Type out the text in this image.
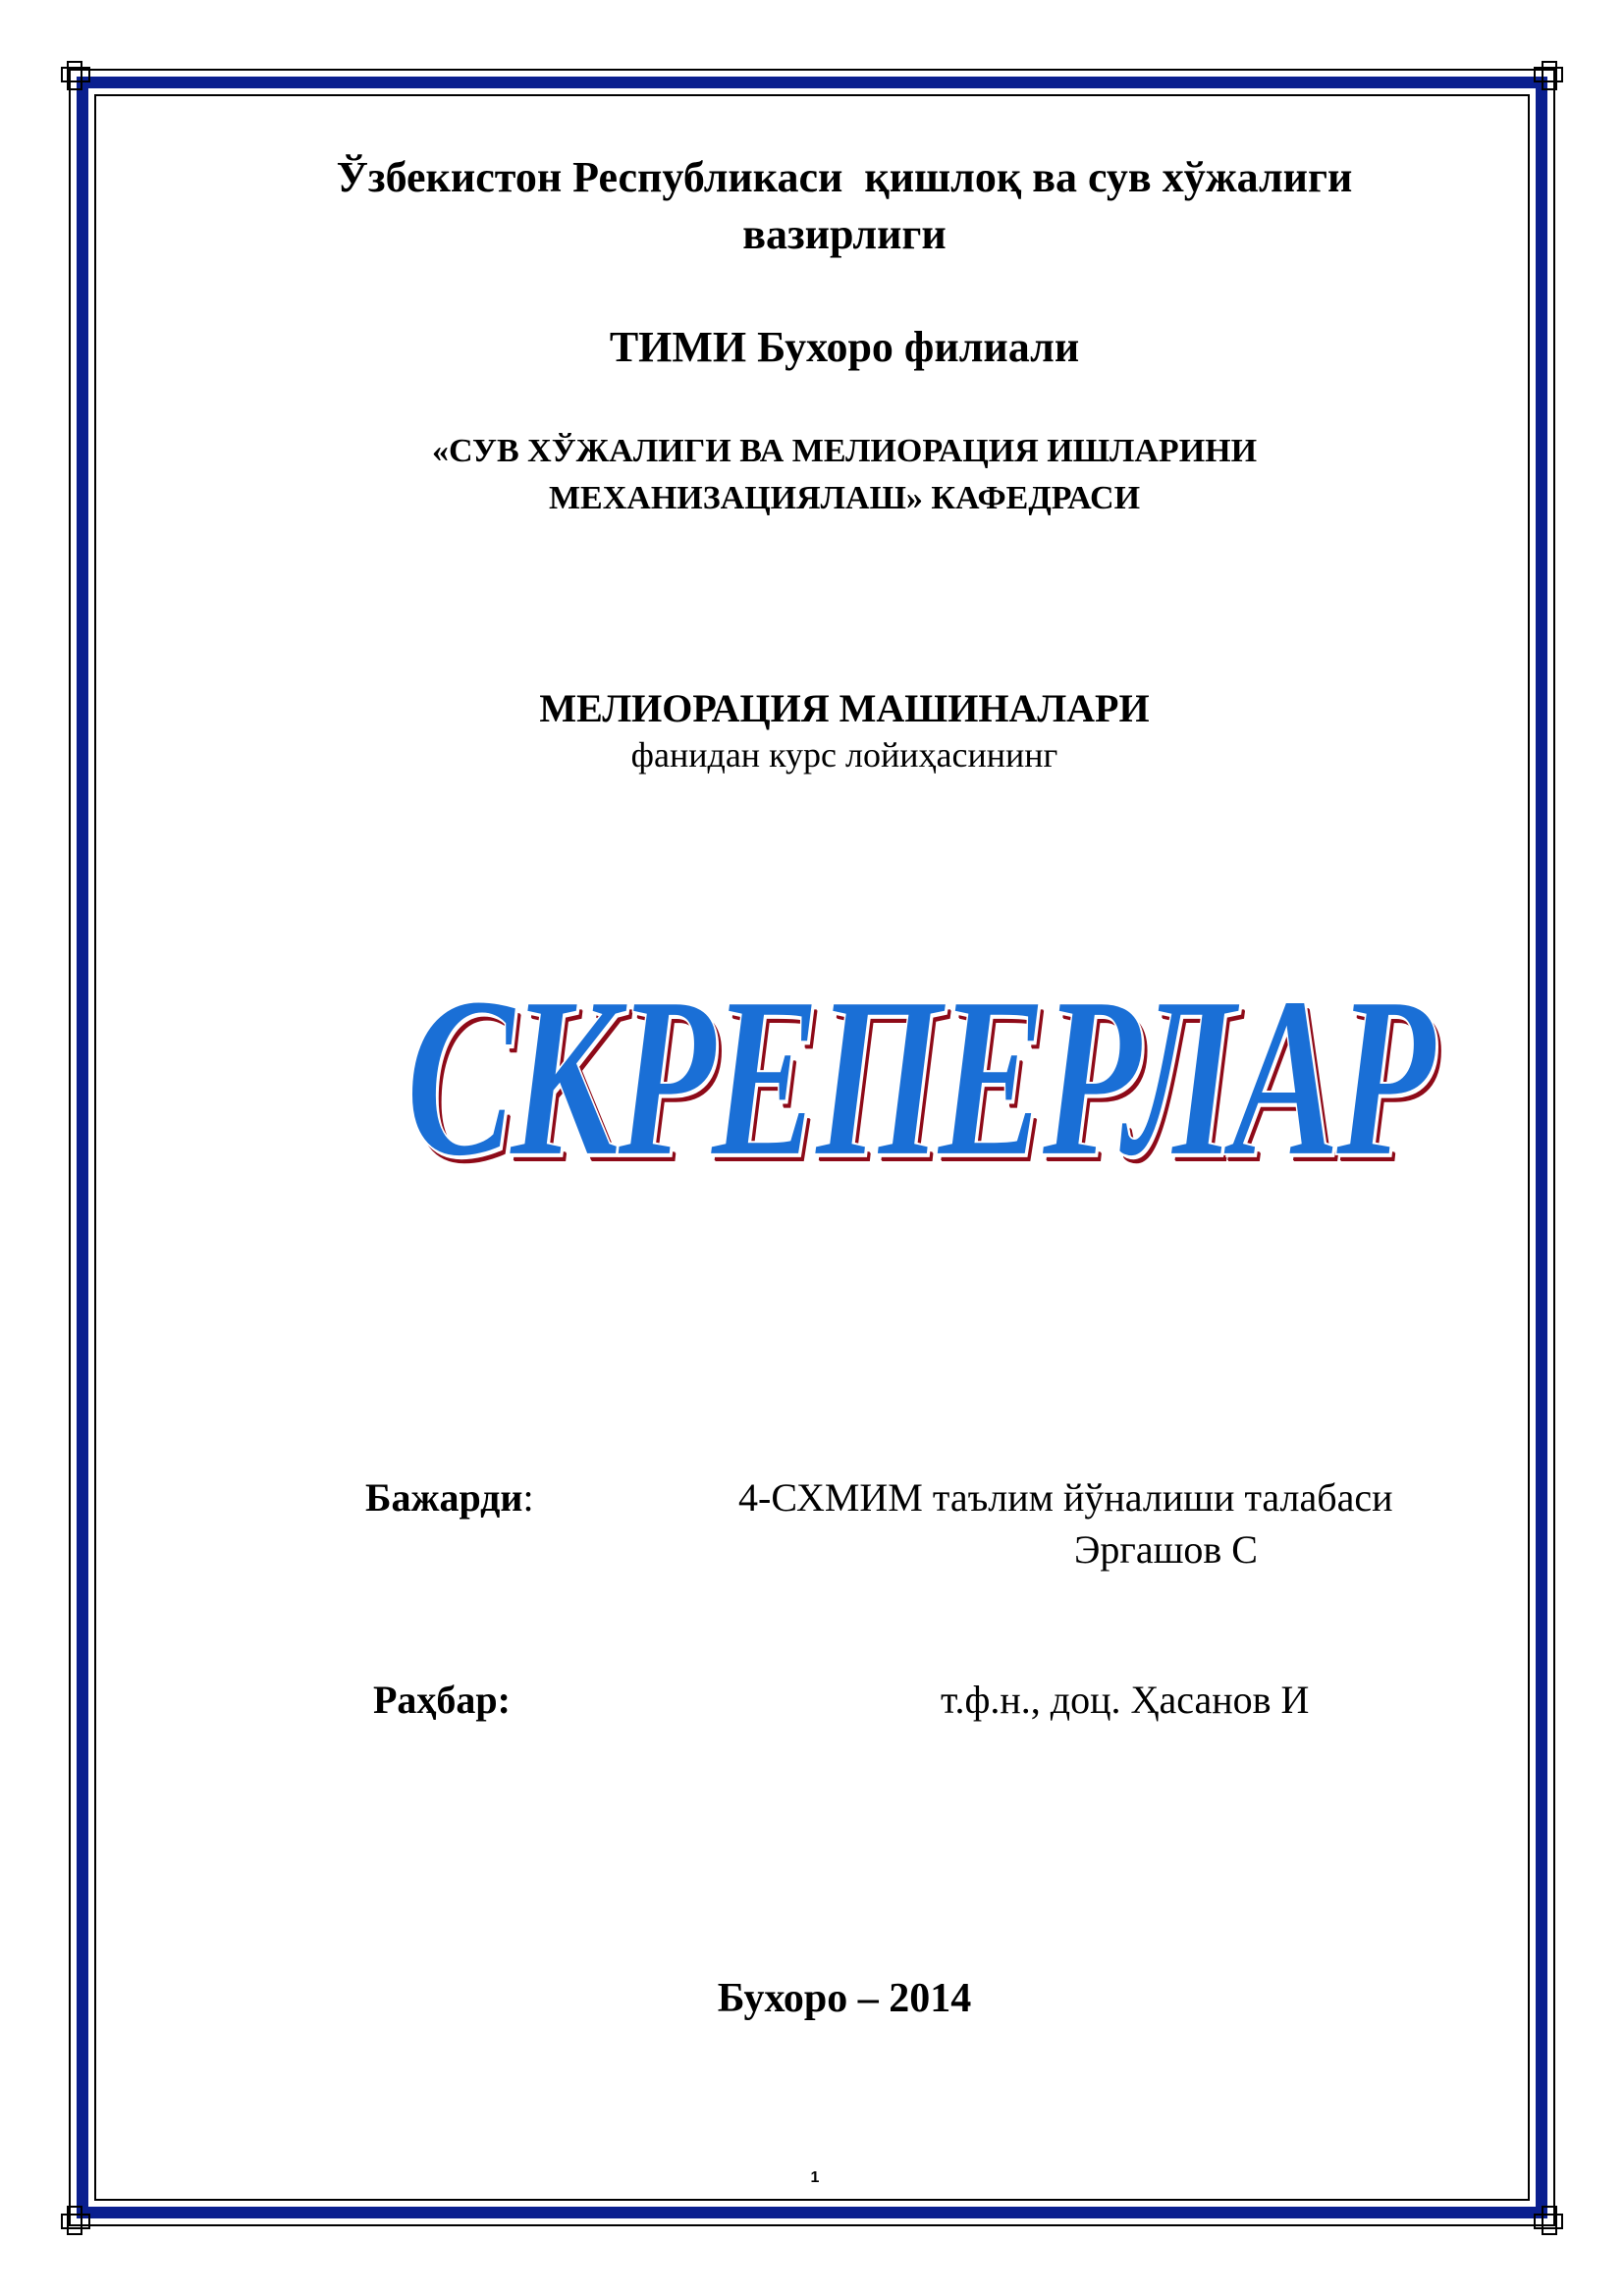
Ўзбекистон Республикаси  қишлоқ ва сув хўжалиги
вазирлиги
ТИМИ Бухоро филиали
«СУВ ХЎЖАЛИГИ ВА МЕЛИОРАЦИЯ ИШЛАРИНИ
МЕХАНИЗАЦИЯЛАШ» КАФЕДРАСИ
МЕЛИОРАЦИЯ МАШИНАЛАРИ
фанидан курс лойиҳасининг
СКРЕПЕРЛАР
Бажарди:	4-СХМИМ таълим йўналиши талабаси
Эргашов С
Раҳбар:	т.ф.н., доц. Ҳасанов И
Бухоро – 2014
1
